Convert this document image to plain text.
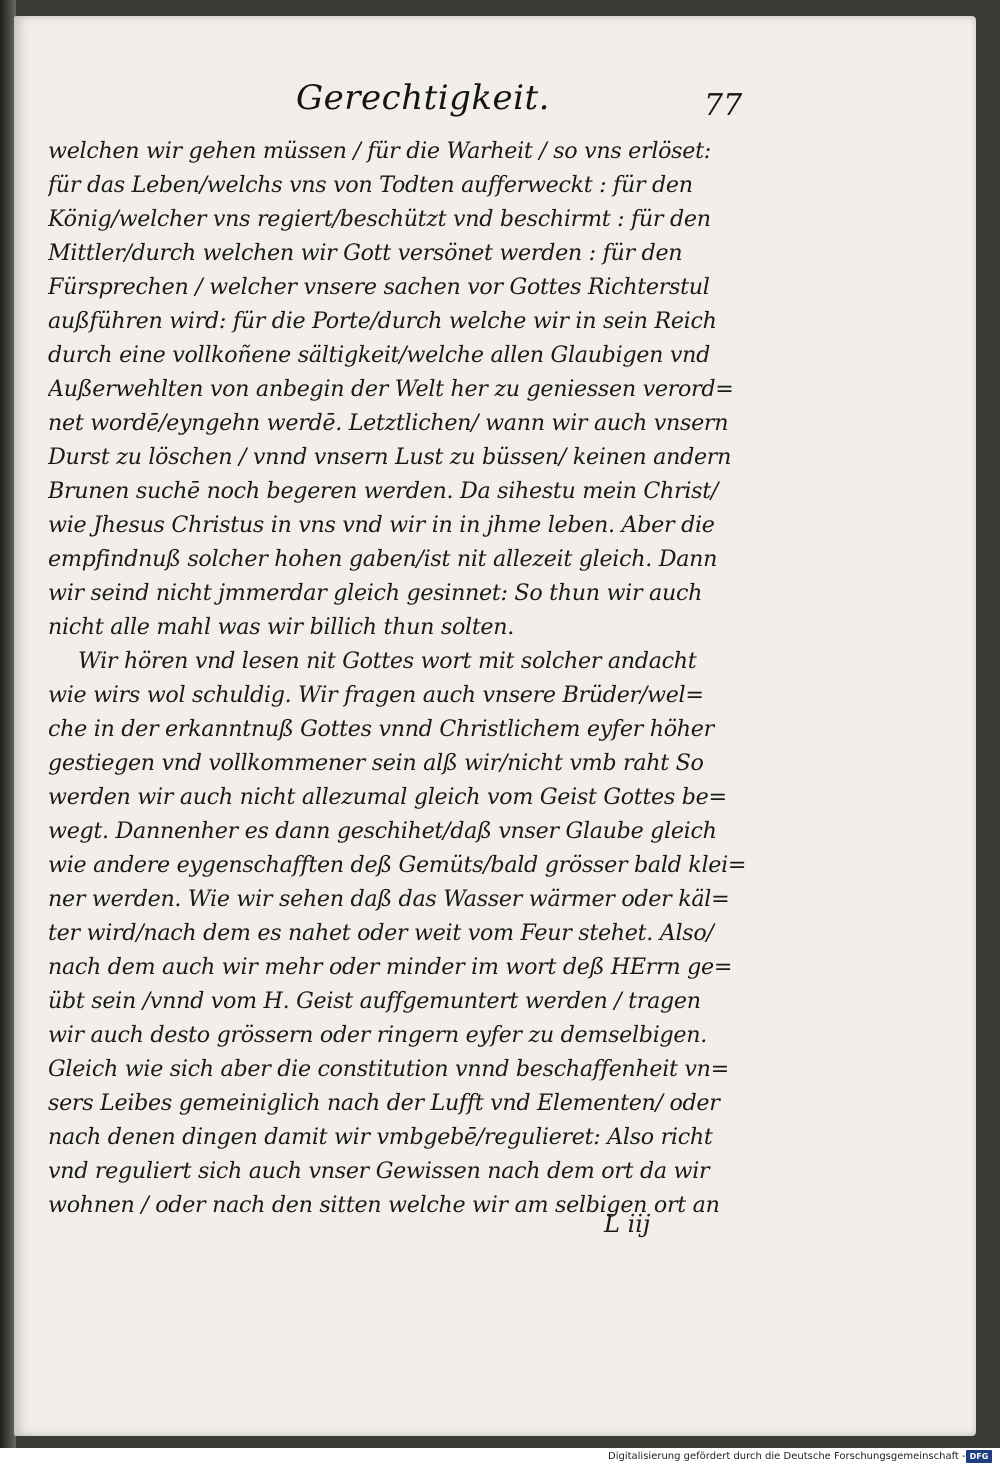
Gerechtigkeit.	77
welchen wir gehen müssen / für die Warheit / so vns erlöset:
für das Leben/welchs vns von Todten aufferweckt : für den
König/welcher vns regiert/beschützt vnd beschirmt : für den
Mittler/durch welchen wir Gott versönet werden : für den
Fürsprechen / welcher vnsere sachen vor Gottes Richterstul
außführen wird: für die Porte/durch welche wir in sein Reich
durch eine vollkoñene sältigkeit/welche allen Glaubigen vnd
Außerwehlten von anbegin der Welt her zu geniessen verord=
net wordē/eyngehn werdē. Letztlichen/ wann wir auch vnsern
Durst zu löschen / vnnd vnsern Lust zu büssen/ keinen andern
Brunen suchē noch begeren werden. Da sihestu mein Christ/
wie Jhesus Christus in vns vnd wir in in jhme leben. Aber die
empfindnuß solcher hohen gaben/ist nit allezeit gleich. Dann
wir seind nicht jmmerdar gleich gesinnet: So thun wir auch
nicht alle mahl was wir billich thun solten.
Wir hören vnd lesen nit Gottes wort mit solcher andacht
wie wirs wol schuldig. Wir fragen auch vnsere Brüder/wel=
che in der erkanntnuß Gottes vnnd Christlichem eyfer höher
gestiegen vnd vollkommener sein alß wir/nicht vmb raht So
werden wir auch nicht allezumal gleich vom Geist Gottes be=
wegt. Dannenher es dann geschihet/daß vnser Glaube gleich
wie andere eygenschafften deß Gemüts/bald grösser bald klei=
ner werden. Wie wir sehen daß das Wasser wärmer oder käl=
ter wird/nach dem es nahet oder weit vom Feur stehet. Also/
nach dem auch wir mehr oder minder im wort deß HErrn ge=
übt sein /vnnd vom H. Geist auffgemuntert werden / tragen
wir auch desto grössern oder ringern eyfer zu demselbigen.
Gleich wie sich aber die constitution vnnd beschaffenheit vn=
sers Leibes gemeiniglich nach der Lufft vnd Elementen/ oder
nach denen dingen damit wir vmbgebē/regulieret: Also richt
vnd reguliert sich auch vnser Gewissen nach dem ort da wir
wohnen / oder nach den sitten welche wir am selbigen ort an
L iij
Digitalisierung gefördert durch die Deutsche Forschungsgemeinschaft - DFG
